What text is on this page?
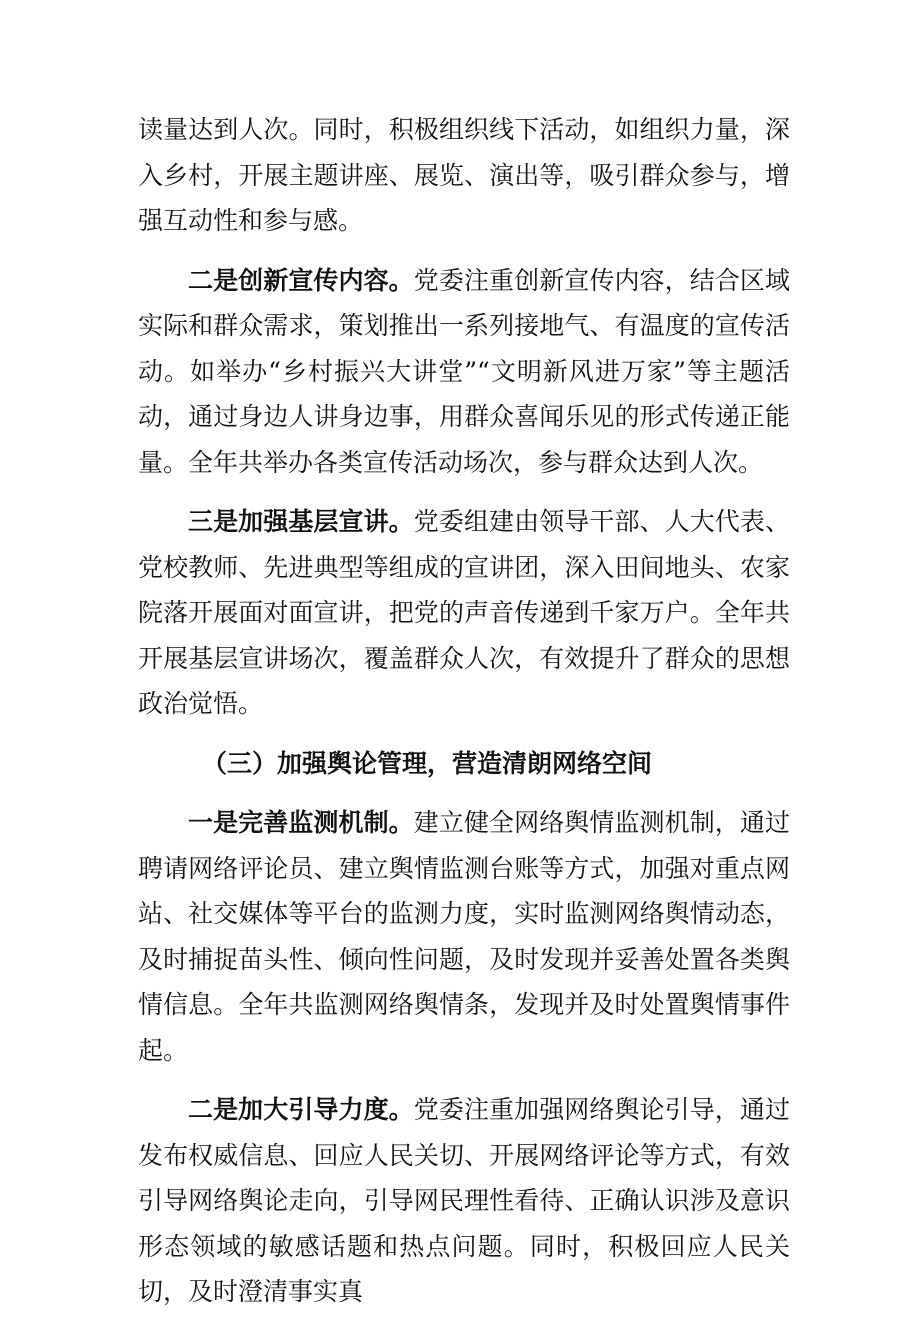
读量达到人次。同时，积极组织线下活动，如组织力量，深入乡村，开展主题讲座、展览、演出等，吸引群众参与，增强互动性和参与感。

二是创新宣传内容。党委注重创新宣传内容，结合区域实际和群众需求，策划推出一系列接地气、有温度的宣传活动。如举办“乡村振兴大讲堂”“文明新风进万家”等主题活动，通过身边人讲身边事，用群众喜闻乐见的形式传递正能量。全年共举办各类宣传活动场次，参与群众达到人次。

三是加强基层宣讲。党委组建由领导干部、人大代表、党校教师、先进典型等组成的宣讲团，深入田间地头、农家院落开展面对面宣讲，把党的声音传递到千家万户。全年共开展基层宣讲场次，覆盖群众人次，有效提升了群众的思想政治觉悟。

（三）加强舆论管理，营造清朗网络空间

一是完善监测机制。建立健全网络舆情监测机制，通过聘请网络评论员、建立舆情监测台账等方式，加强对重点网站、社交媒体等平台的监测力度，实时监测网络舆情动态，及时捕捉苗头性、倾向性问题，及时发现并妥善处置各类舆情信息。全年共监测网络舆情条，发现并及时处置舆情事件起。

二是加大引导力度。党委注重加强网络舆论引导，通过发布权威信息、回应人民关切、开展网络评论等方式，有效引导网络舆论走向，引导网民理性看待、正确认识涉及意识形态领域的敏感话题和热点问题。同时，积极回应人民关切，及时澄清事实真
